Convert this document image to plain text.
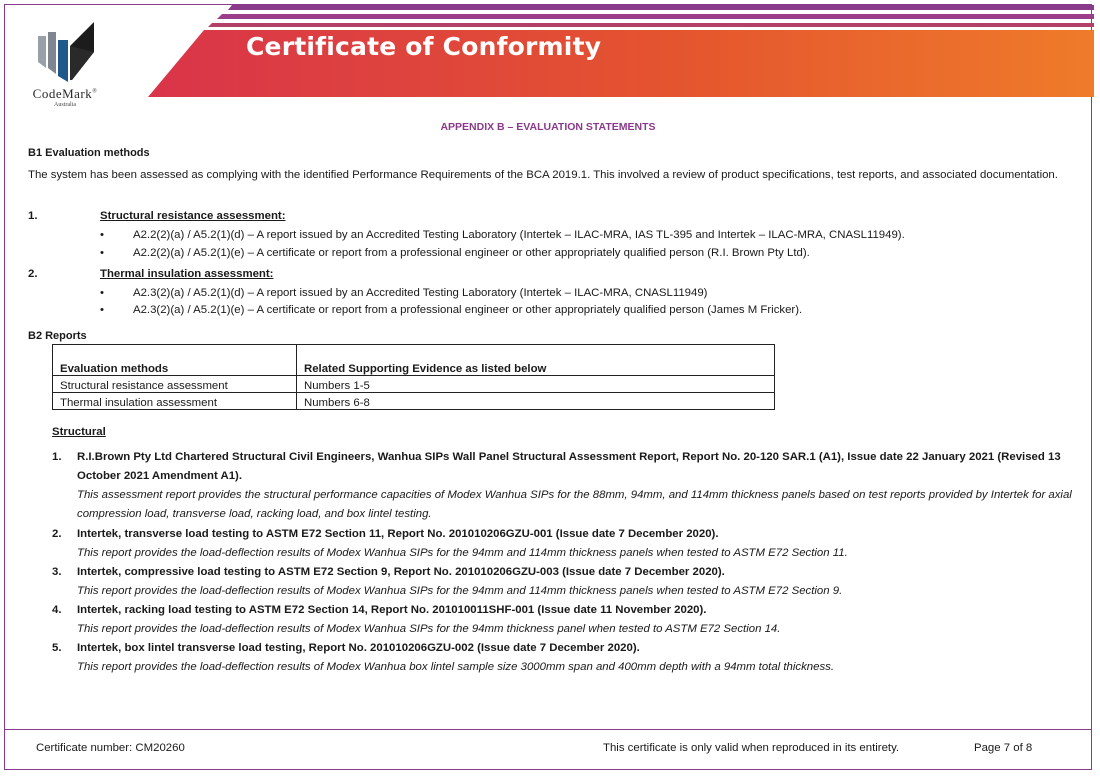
Certificate of Conformity
CodeMark®
Australia
APPENDIX B – EVALUATION STATEMENTS
B1 Evaluation methods
The system has been assessed as complying with the identified Performance Requirements of the BCA 2019.1. This involved a review of product specifications, test reports, and associated documentation.
1.	Structural resistance assessment:
•	A2.2(2)(a) / A5.2(1)(d) – A report issued by an Accredited Testing Laboratory (Intertek – ILAC-MRA, IAS TL-395 and Intertek – ILAC-MRA, CNASL11949).
•	A2.2(2)(a) / A5.2(1)(e) – A certificate or report from a professional engineer or other appropriately qualified person (R.I. Brown Pty Ltd).
2.	Thermal insulation assessment:
•	A2.3(2)(a) / A5.2(1)(d) – A report issued by an Accredited Testing Laboratory (Intertek – ILAC-MRA, CNASL11949)
•	A2.3(2)(a) / A5.2(1)(e) – A certificate or report from a professional engineer or other appropriately qualified person (James M Fricker).
B2 Reports
Evaluation methods	Related Supporting Evidence as listed below
Structural resistance assessment	Numbers 1-5
Thermal insulation assessment	Numbers 6-8
Structural
1. R.I.Brown Pty Ltd Chartered Structural Civil Engineers, Wanhua SIPs Wall Panel Structural Assessment Report, Report No. 20-120 SAR.1 (A1), Issue date 22 January 2021 (Revised 13 October 2021 Amendment A1).
This assessment report provides the structural performance capacities of Modex Wanhua SIPs for the 88mm, 94mm, and 114mm thickness panels based on test reports provided by Intertek for axial compression load, transverse load, racking load, and box lintel testing.
2. Intertek, transverse load testing to ASTM E72 Section 11, Report No. 201010206GZU-001 (Issue date 7 December 2020).
This report provides the load-deflection results of Modex Wanhua SIPs for the 94mm and 114mm thickness panels when tested to ASTM E72 Section 11.
3. Intertek, compressive load testing to ASTM E72 Section 9, Report No. 201010206GZU-003 (Issue date 7 December 2020).
This report provides the load-deflection results of Modex Wanhua SIPs for the 94mm and 114mm thickness panels when tested to ASTM E72 Section 9.
4. Intertek, racking load testing to ASTM E72 Section 14, Report No. 201010011SHF-001 (Issue date 11 November 2020).
This report provides the load-deflection results of Modex Wanhua SIPs for the 94mm thickness panel when tested to ASTM E72 Section 14.
5. Intertek, box lintel transverse load testing, Report No. 201010206GZU-002 (Issue date 7 December 2020).
This report provides the load-deflection results of Modex Wanhua box lintel sample size 3000mm span and 400mm depth with a 94mm total thickness.
Certificate number: CM20260	This certificate is only valid when reproduced in its entirety.	Page 7 of 8
